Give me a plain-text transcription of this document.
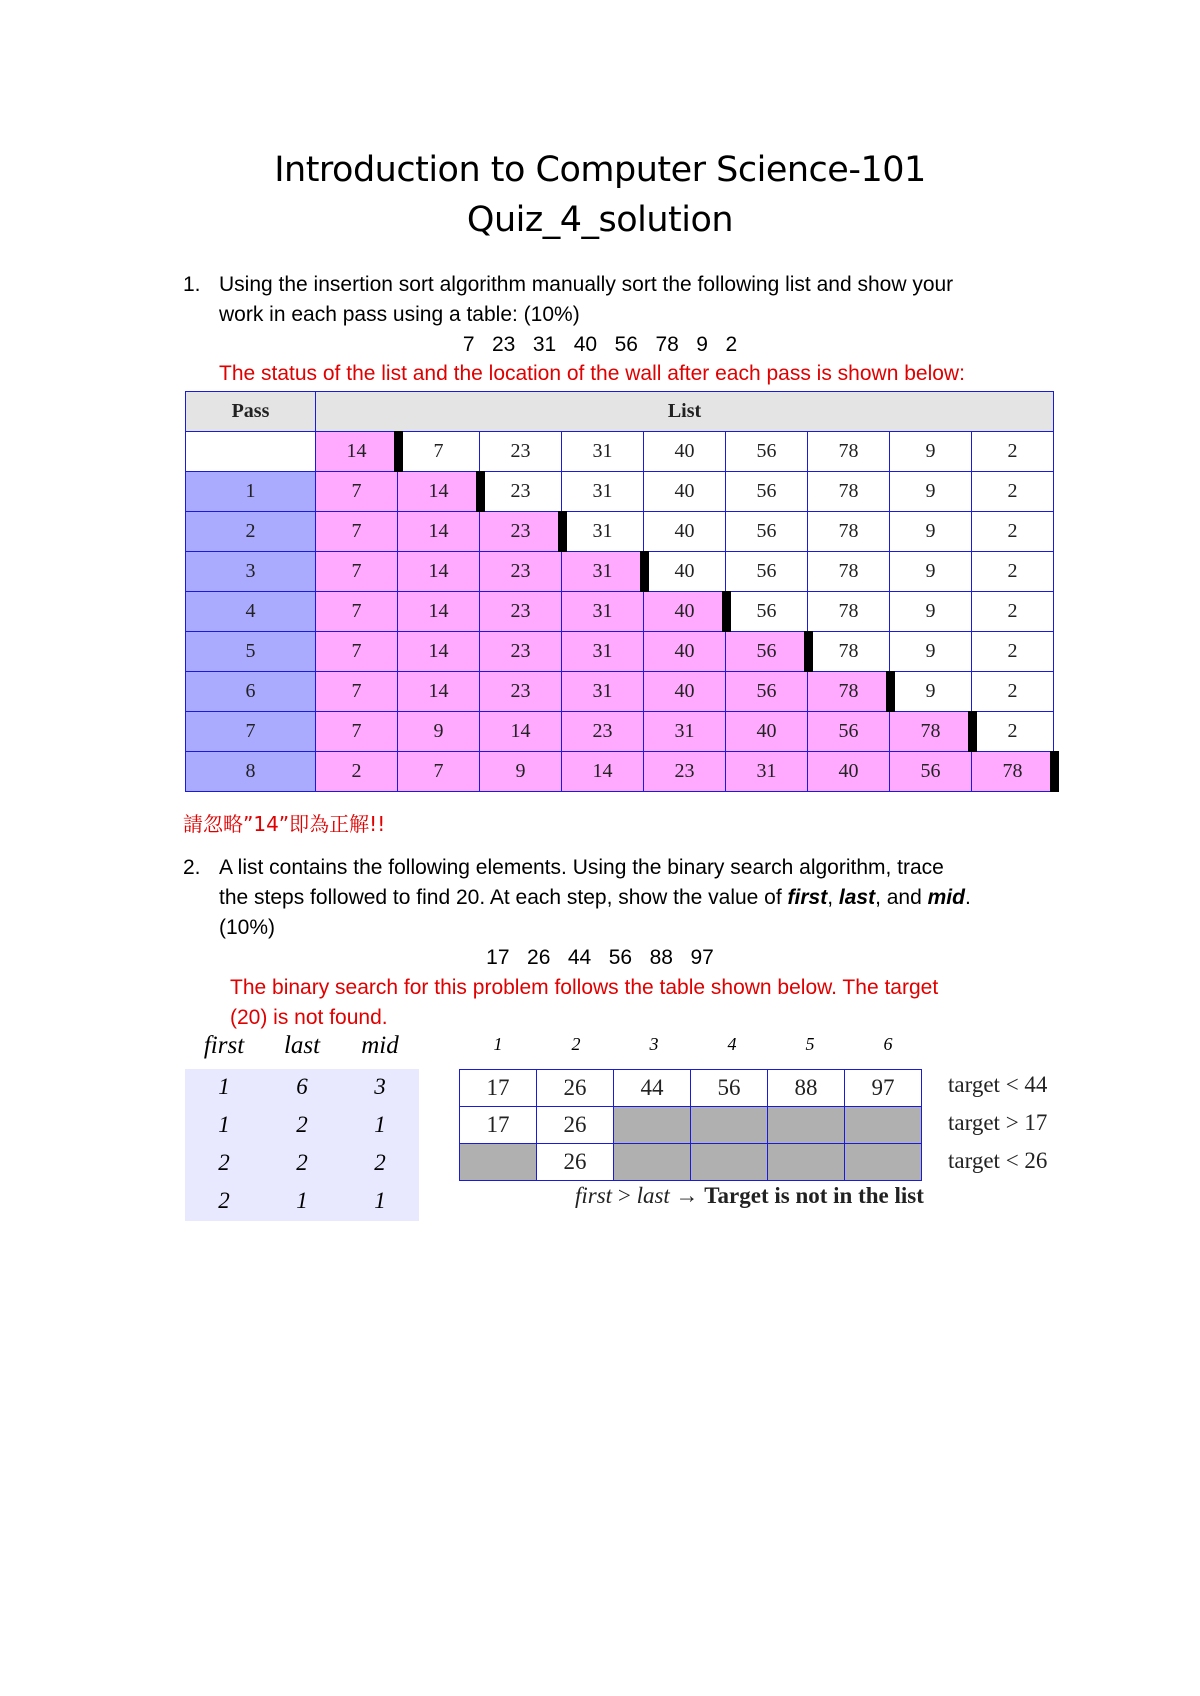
Introduction to Computer Science-101
Quiz_4_solution
1. Using the insertion sort algorithm manually sort the following list and show your
work in each pass using a table: (10%)
7   23   31   40   56   78   9   2
The status of the list and the location of the wall after each pass is shown below:
Pass	List								
	14	7	23	31	40	56	78	9	2
1	7	14	23	31	40	56	78	9	2
2	7	14	23	31	40	56	78	9	2
3	7	14	23	31	40	56	78	9	2
4	7	14	23	31	40	56	78	9	2
5	7	14	23	31	40	56	78	9	2
6	7	14	23	31	40	56	78	9	2
7	7	9	14	23	31	40	56	78	2
8	2	7	9	14	23	31	40	56	78
請忽略”14”即為正解!!
2. A list contains the following elements. Using the binary search algorithm, trace
the steps followed to find 20. At each step, show the value of first, last, and mid.
(10%)
17   26   44   56   88   97
The binary search for this problem follows the table shown below. The target
(20) is not found.
first	last	mid
1	6	3
1	2	1
2	2	2
2	1	1
1	2	3	4	5	6
17	26	44	56	88	97
17	26				
	26				
target < 44
target > 17
target < 26
first > last → Target is not in the list
